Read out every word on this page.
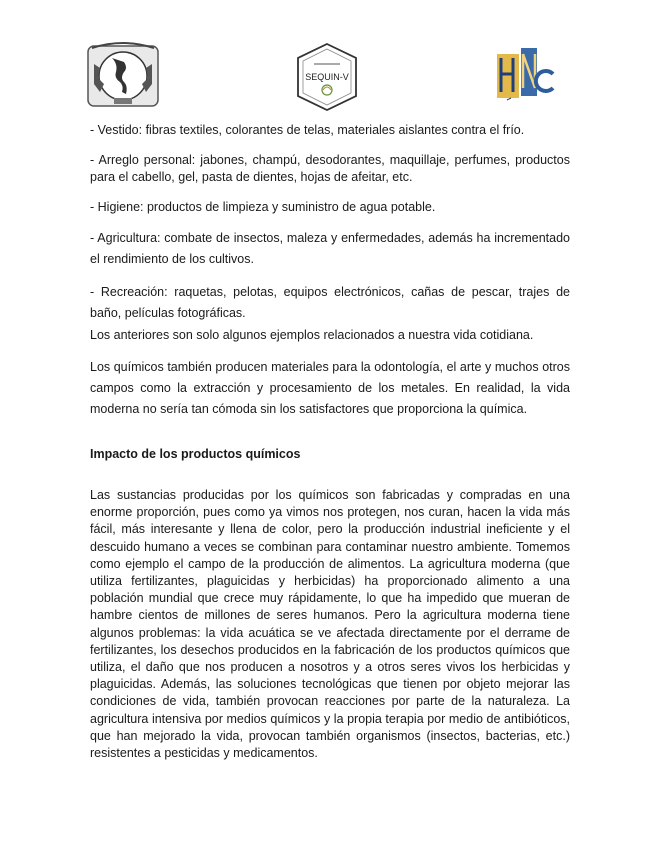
SEQUIN-V

- Vestido: fibras textiles, colorantes de telas, materiales aislantes contra el frío.

- Arreglo personal: jabones, champú, desodorantes, maquillaje, perfumes, productos para el cabello, gel, pasta de dientes, hojas de afeitar, etc.

- Higiene: productos de limpieza y suministro de agua potable.

- Agricultura: combate de insectos, maleza y enfermedades, además ha incrementado el rendimiento de los cultivos.

- Recreación: raquetas, pelotas, equipos electrónicos, cañas de pescar, trajes de baño, películas fotográficas.

Los anteriores son solo algunos ejemplos relacionados a nuestra vida cotidiana.

Los químicos también producen materiales para la odontología, el arte y muchos otros campos como la extracción y procesamiento de los metales. En realidad, la vida moderna no sería tan cómoda sin los satisfactores que proporciona la química.

Impacto de los productos químicos

Las sustancias producidas por los químicos son fabricadas y compradas en una enorme proporción, pues como ya vimos nos protegen, nos curan, hacen la vida más fácil, más interesante y llena de color, pero la producción industrial ineficiente y el descuido humano a veces se combinan para contaminar nuestro ambiente. Tomemos como ejemplo el campo de la producción de alimentos. La agricultura moderna (que utiliza fertilizantes, plaguicidas y herbicidas) ha proporcionado alimento a una población mundial que crece muy rápidamente, lo que ha impedido que mueran de hambre cientos de millones de seres humanos. Pero la agricultura moderna tiene algunos problemas: la vida acuática se ve afectada directamente por el derrame de fertilizantes, los desechos producidos en la fabricación de los productos químicos que utiliza, el daño que nos producen a nosotros y a otros seres vivos los herbicidas y plaguicidas. Además, las soluciones tecnológicas que tienen por objeto mejorar las condiciones de vida, también provocan reacciones por parte de la naturaleza. La agricultura intensiva por medios químicos y la propia terapia por medio de antibióticos, que han mejorado la vida, provocan también organismos (insectos, bacterias, etc.) resistentes a pesticidas y medicamentos.
